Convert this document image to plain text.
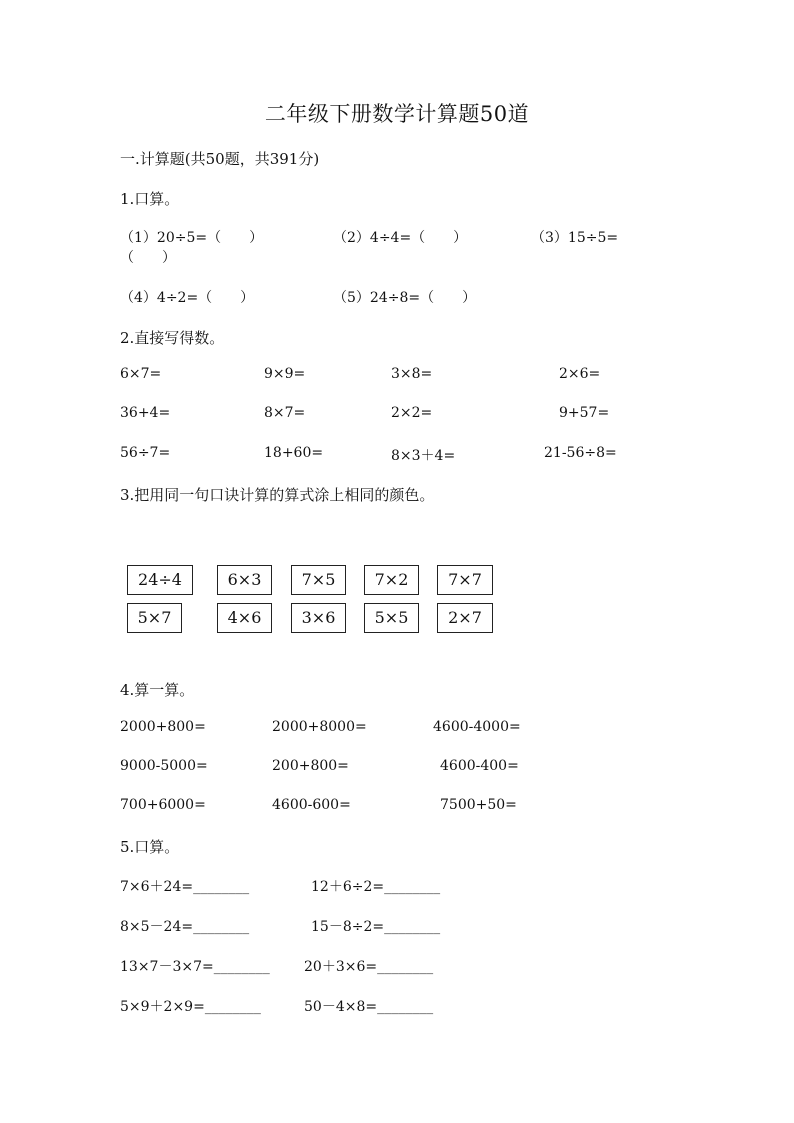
二年级下册数学计算题50道
一.计算题(共50题，共391分)
1.口算。
（1）20÷5=（　　）	（2）4÷4=（　　）	（3）15÷5=
（　　）
（4）4÷2=（　　）	（5）24÷8=（　　）
2.直接写得数。
6×7=	9×9=	3×8=	2×6=
36+4=	8×7=	2×2=	9+57=
56÷7=	18+60=	8×3＋4=	21-56÷8=
3.把用同一句口诀计算的算式涂上相同的颜色。
24÷4	6×3	7×5	7×2	7×7
5×7	4×6	3×6	5×5	2×7
4.算一算。
2000+800=	2000+8000=	4600-4000=
9000-5000=	200+800=	4600-400=
700+6000=	4600-600=	7500+50=
5.口算。
7×6＋24=________	12＋6÷2=________
8×5－24=________	15－8÷2=________
13×7－3×7=________ 20＋3×6=________
5×9＋2×9=________	50－4×8=________
